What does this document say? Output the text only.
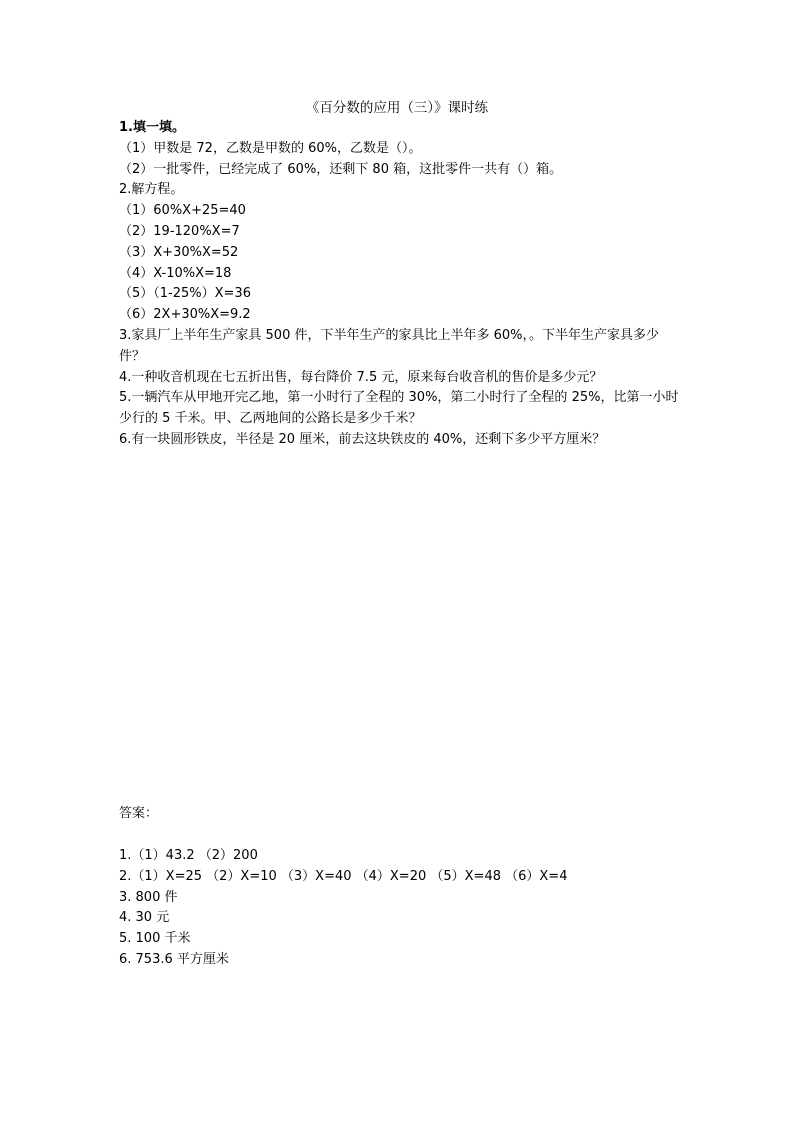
《百分数的应用（三）》课时练
1.填一填。
（1）甲数是 72，乙数是甲数的 60%，乙数是（）。
（2）一批零件，已经完成了 60%，还剩下 80 箱，这批零件一共有（）箱。
2.解方程。
（1）60%X+25=40
（2）19-120%X=7
（3）X+30%X=52
（4）X-10%X=18
（5）（1-25%）X=36
（6）2X+30%X=9.2
3.家具厂上半年生产家具 500 件，下半年生产的家具比上半年多 60%，。下半年生产家具多少件？
4.一种收音机现在七五折出售，每台降价 7.5 元，原来每台收音机的售价是多少元？
5.一辆汽车从甲地开完乙地，第一小时行了全程的 30%，第二小时行了全程的 25%，比第一小时少行的 5 千米。甲、乙两地间的公路长是多少千米？
6.有一块圆形铁皮，半径是 20 厘米，前去这块铁皮的 40%，还剩下多少平方厘米？
答案：
1.（1）43.2 （2）200
2.（1）X=25 （2）X=10 （3）X=40 （4）X=20 （5）X=48 （6）X=4
3. 800 件
4. 30 元
5. 100 千米
6. 753.6 平方厘米
